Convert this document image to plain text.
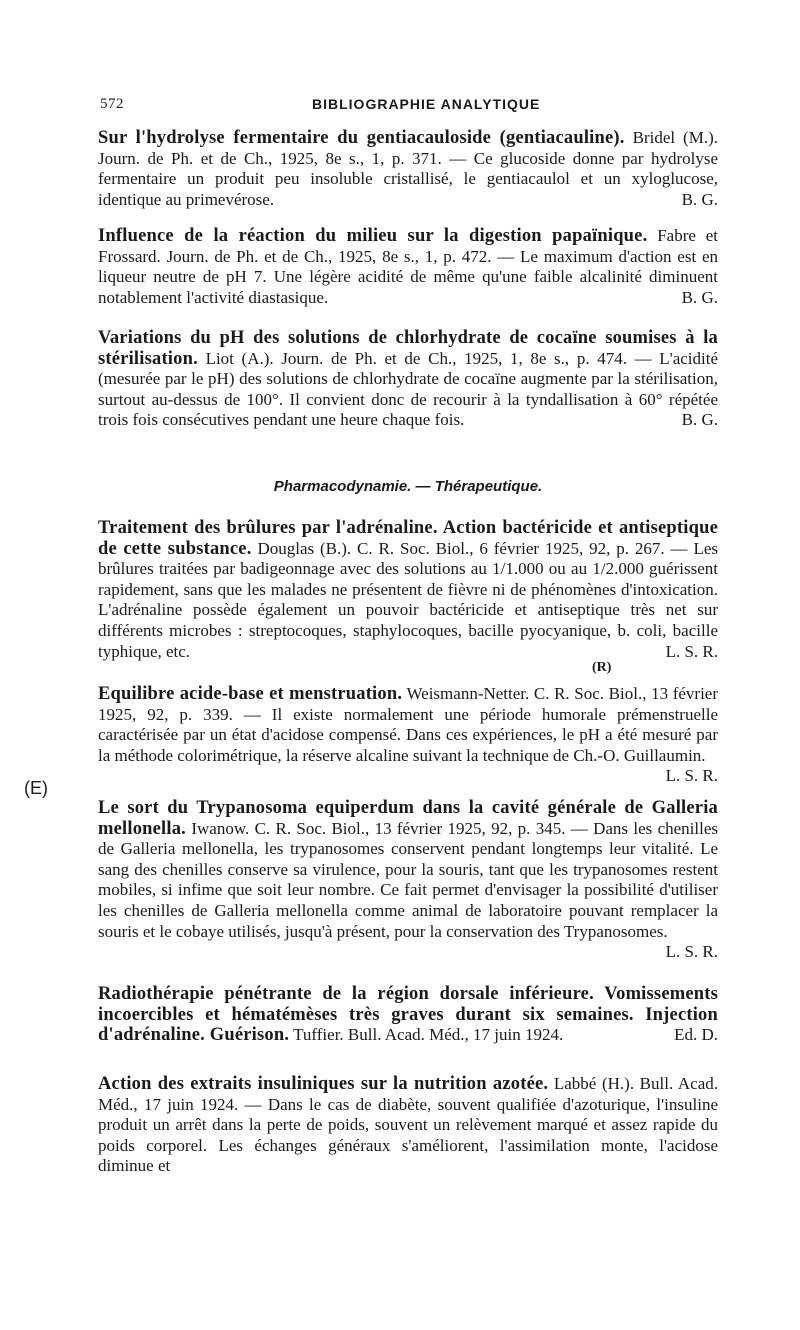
572	BIBLIOGRAPHIE ANALYTIQUE
Sur l'hydrolyse fermentaire du gentiacauloside (gentiacauline). Bridel (M.). Journ. de Ph. et de Ch., 1925, 8e s., 1, p. 371. — Ce glucoside donne par hydrolyse fermentaire un produit peu insoluble cristallisé, le gentiacaulol et un xyloglucose, identique au primevérose.	B. G.
Influence de la réaction du milieu sur la digestion papaïnique. Fabre et Frossard. Journ. de Ph. et de Ch., 1925, 8e s., 1, p. 472. — Le maximum d'action est en liqueur neutre de pH 7. Une légère acidité de même qu'une faible alcalinité diminuent notablement l'activité diastasique.	B. G.
Variations du pH des solutions de chlorhydrate de cocaïne soumises à la stérilisation. Liot (A.). Journ. de Ph. et de Ch., 1925, 1, 8e s., p. 474. — L'acidité (mesurée par le pH) des solutions de chlorhydrate de cocaïne augmente par la stérilisation, surtout au-dessus de 100°. Il convient donc de recourir à la tyndallisation à 60° répétée trois fois consécutives pendant une heure chaque fois.	B. G.
Pharmacodynamie. — Thérapeutique.
Traitement des brûlures par l'adrénaline. Action bactéricide et antiseptique de cette substance. Douglas (B.). C. R. Soc. Biol., 6 février 1925, 92, p. 267. — Les brûlures traitées par badigeonnage avec des solutions au 1/1.000 ou au 1/2.000 guérissent rapidement, sans que les malades ne présentent de fièvre ni de phénomènes d'intoxication. L'adrénaline possède également un pouvoir bactéricide et antiseptique très net sur différents microbes : streptocoques, staphylocoques, bacille pyocyanique, b. coli, bacille typhique, etc.	L. S. R.
(R)
Equilibre acide-base et menstruation. Weismann-Netter. C. R. Soc. Biol., 13 février 1925, 92, p. 339. — Il existe normalement une période humorale prémenstruelle caractérisée par un état d'acidose compensé. Dans ces expériences, le pH a été mesuré par la méthode colorimétrique, la réserve alcaline suivant la technique de Ch.-O. Guillaumin.
L. S. R.
(E)
Le sort du Trypanosoma equiperdum dans la cavité générale de Galleria mellonella. Iwanow. C. R. Soc. Biol., 13 février 1925, 92, p. 345. — Dans les chenilles de Galleria mellonella, les trypanosomes conservent pendant longtemps leur vitalité. Le sang des chenilles conserve sa virulence, pour la souris, tant que les trypanosomes restent mobiles, si infime que soit leur nombre. Ce fait permet d'envisager la possibilité d'utiliser les chenilles de Galleria mellonella comme animal de laboratoire pouvant remplacer la souris et le cobaye utilisés, jusqu'à présent, pour la conservation des Trypanosomes.
L. S. R.
Radiothérapie pénétrante de la région dorsale inférieure. Vomissements incoercibles et hématémèses très graves durant six semaines. Injection d'adrénaline. Guérison. Tuffier. Bull. Acad. Méd., 17 juin 1924.	Ed. D.
Action des extraits insuliniques sur la nutrition azotée. Labbé (H.). Bull. Acad. Méd., 17 juin 1924. — Dans le cas de diabète, souvent qualifiée d'azoturique, l'insuline produit un arrêt dans la perte de poids, souvent un relèvement marqué et assez rapide du poids corporel. Les échanges généraux s'améliorent, l'assimilation monte, l'acidose diminue et
